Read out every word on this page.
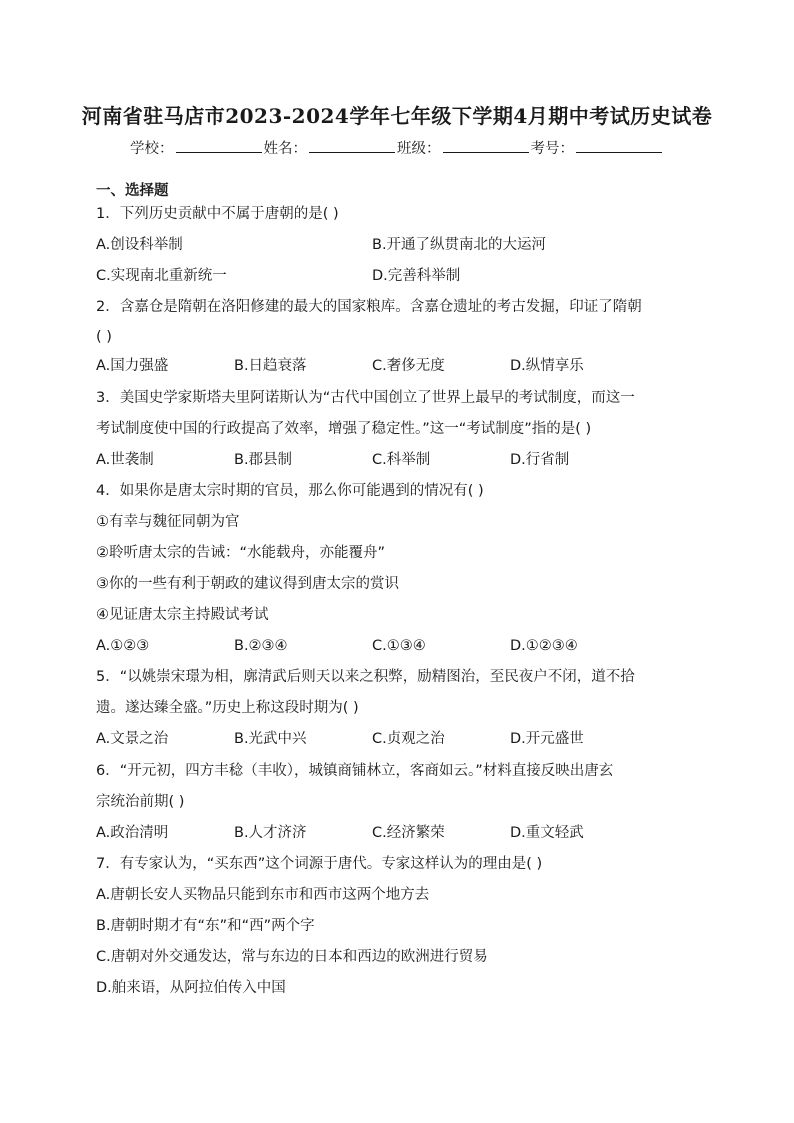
河南省驻马店市2023-2024学年七年级下学期4月期中考试历史试卷
学校：	姓名：	班级：	考号：
一、选择题
1．下列历史贡献中不属于唐朝的是( )
A.创设科举制	B.开通了纵贯南北的大运河
C.实现南北重新统一	D.完善科举制
2．含嘉仓是隋朝在洛阳修建的最大的国家粮库。含嘉仓遗址的考古发掘，印证了隋朝
( )
A.国力强盛	B.日趋衰落	C.奢侈无度	D.纵情享乐
3．美国史学家斯塔夫里阿诺斯认为“古代中国创立了世界上最早的考试制度，而这一
考试制度使中国的行政提高了效率，增强了稳定性。”这一“考试制度”指的是( )
A.世袭制	B.郡县制	C.科举制	D.行省制
4．如果你是唐太宗时期的官员，那么你可能遇到的情况有( )
①有幸与魏征同朝为官
②聆听唐太宗的告诫：“水能载舟，亦能覆舟”
③你的一些有利于朝政的建议得到唐太宗的赏识
④见证唐太宗主持殿试考试
A.①②③	B.②③④	C.①③④	D.①②③④
5．“以姚崇宋璟为相，廓清武后则天以来之积弊，励精图治，至民夜户不闭，道不拾
遗。遂达臻全盛。”历史上称这段时期为( )
A.文景之治	B.光武中兴	C.贞观之治	D.开元盛世
6．“开元初，四方丰稔（丰收），城镇商铺林立，客商如云。”材料直接反映出唐玄
宗统治前期( )
A.政治清明	B.人才济济	C.经济繁荣	D.重文轻武
7．有专家认为，“买东西”这个词源于唐代。专家这样认为的理由是( )
A.唐朝长安人买物品只能到东市和西市这两个地方去
B.唐朝时期才有“东”和“西”两个字
C.唐朝对外交通发达，常与东边的日本和西边的欧洲进行贸易
D.舶来语，从阿拉伯传入中国
